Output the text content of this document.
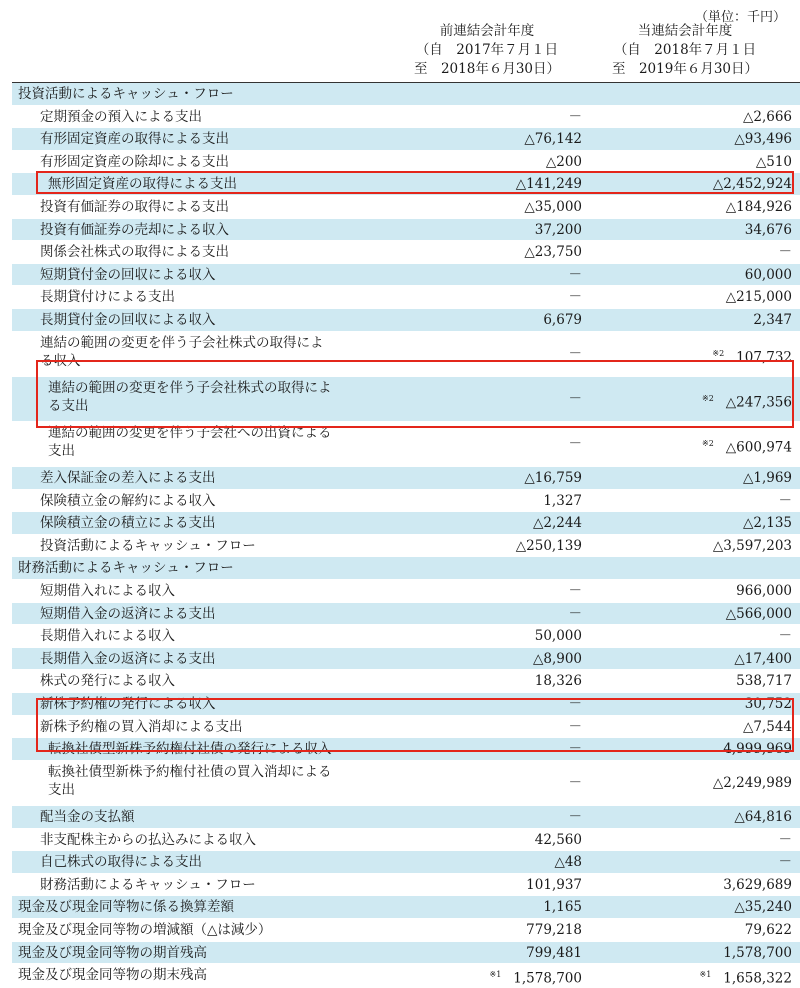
（単位：千円）
前連結会計年度
（自　2017年７月１日
至　2018年６月30日）
当連結会計年度
（自　2018年７月１日
至　2019年６月30日）
投資活動によるキャッシュ・フロー
定期預金の預入による支出	－	△2,666
有形固定資産の取得による支出	△76,142	△93,496
有形固定資産の除却による支出	△200	△510
無形固定資産の取得による支出	△141,249	△2,452,924
投資有価証券の取得による支出	△35,000	△184,926
投資有価証券の売却による収入	37,200	34,676
関係会社株式の取得による支出	△23,750	－
短期貸付金の回収による収入	－	60,000
長期貸付けによる支出	－	△215,000
長期貸付金の回収による収入	6,679	2,347
連結の範囲の変更を伴う子会社株式の取得によ
る収入	－	$^{※2}$ 107,732
連結の範囲の変更を伴う子会社株式の取得によ
る支出	－	$^{※2}$ △247,356
連結の範囲の変更を伴う子会社への出資による
支出	－	$^{※2}$ △600,974
差入保証金の差入による支出	△16,759	△1,969
保険積立金の解約による収入	1,327	－
保険積立金の積立による支出	△2,244	△2,135
投資活動によるキャッシュ・フロー	△250,139	△3,597,203
財務活動によるキャッシュ・フロー
短期借入れによる収入	－	966,000
短期借入金の返済による支出	－	△566,000
長期借入れによる収入	50,000	－
長期借入金の返済による支出	△8,900	△17,400
株式の発行による収入	18,326	538,717
新株予約権の発行による収入	－	30,752
新株予約権の買入消却による支出	－	△7,544
転換社債型新株予約権付社債の発行による収入	－	4,999,969
転換社債型新株予約権付社債の買入消却による
支出	－	△2,249,989
配当金の支払額	－	△64,816
非支配株主からの払込みによる収入	42,560	－
自己株式の取得による支出	△48	－
財務活動によるキャッシュ・フロー	101,937	3,629,689
現金及び現金同等物に係る換算差額	1,165	△35,240
現金及び現金同等物の増減額（△は減少）	779,218	79,622
現金及び現金同等物の期首残高	799,481	1,578,700
現金及び現金同等物の期末残高	$^{※1}$ 1,578,700	$^{※1}$ 1,658,322
